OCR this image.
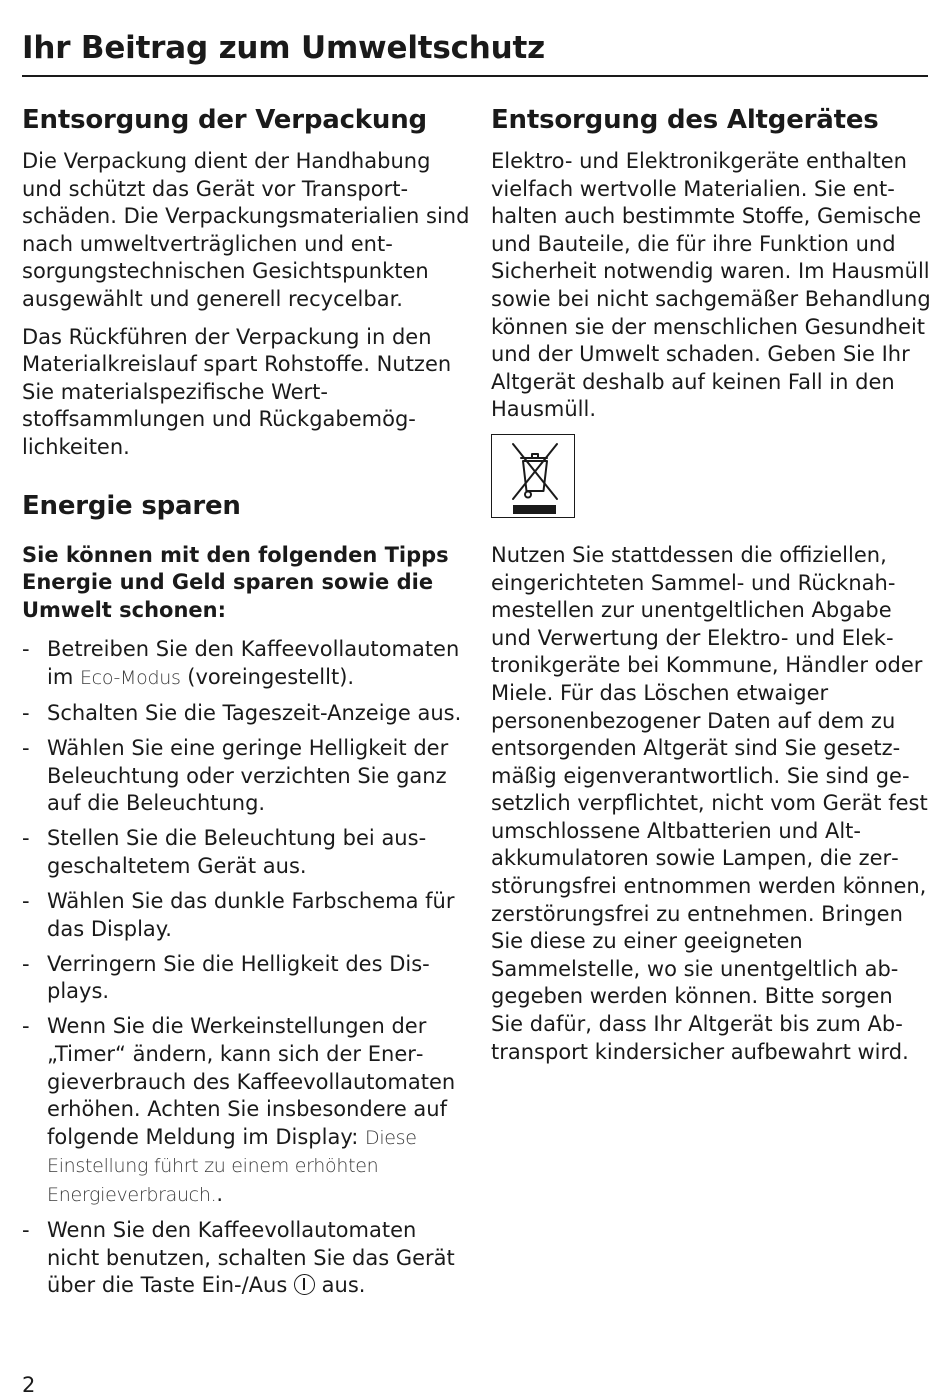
Ihr Beitrag zum Umweltschutz
Entsorgung der Verpackung

Die Verpackung dient der Handhabung und schützt das Gerät vor Transportschäden. Die Verpackungsmaterialien sind nach umweltverträglichen und entsorgungstechnischen Gesichtspunkten ausgewählt und generell recycelbar.

Das Rückführen der Verpackung in den Materialkreislauf spart Rohstoffe. Nutzen Sie materialspezifische Wertstoffsammlungen und Rückgabemöglichkeiten.

Energie sparen

Sie können mit den folgenden Tipps Energie und Geld sparen sowie die Umwelt schonen:

- Betreiben Sie den Kaffeevollautomaten im Eco-Modus (voreingestellt).
- Schalten Sie die Tageszeit-Anzeige aus.
- Wählen Sie eine geringe Helligkeit der Beleuchtung oder verzichten Sie ganz auf die Beleuchtung.
- Stellen Sie die Beleuchtung bei ausgeschaltetem Gerät aus.
- Wählen Sie das dunkle Farbschema für das Display.
- Verringern Sie die Helligkeit des Displays.
- Wenn Sie die Werkeinstellungen der „Timer“ ändern, kann sich der Energieverbrauch des Kaffeevollautomaten erhöhen. Achten Sie insbesondere auf folgende Meldung im Display: Diese Einstellung führt zu einem erhöhten Energieverbrauch..
- Wenn Sie den Kaffeevollautomaten nicht benutzen, schalten Sie das Gerät über die Taste Ein-/Aus  aus.
Entsorgung des Altgerätes

Elektro- und Elektronikgeräte enthalten vielfach wertvolle Materialien. Sie enthalten auch bestimmte Stoffe, Gemische und Bauteile, die für ihre Funktion und Sicherheit notwendig waren. Im Hausmüll sowie bei nicht sachgemäßer Behandlung können sie der menschlichen Gesundheit und der Umwelt schaden. Geben Sie Ihr Altgerät deshalb auf keinen Fall in den Hausmüll.

Nutzen Sie stattdessen die offiziellen, eingerichteten Sammel- und Rücknahmestellen zur unentgeltlichen Abgabe und Verwertung der Elektro- und Elektronikgeräte bei Kommune, Händler oder Miele. Für das Löschen etwaiger personenbezogener Daten auf dem zu entsorgenden Altgerät sind Sie gesetzmäßig eigenverantwortlich. Sie sind gesetzlich verpflichtet, nicht vom Gerät fest umschlossene Altbatterien und Altakkumulatoren sowie Lampen, die zerstörungsfrei entnommen werden können, zerstörungsfrei zu entnehmen. Bringen Sie diese zu einer geeigneten Sammelstelle, wo sie unentgeltlich abgegeben werden können. Bitte sorgen Sie dafür, dass Ihr Altgerät bis zum Abtransport kindersicher aufbewahrt wird.

2
